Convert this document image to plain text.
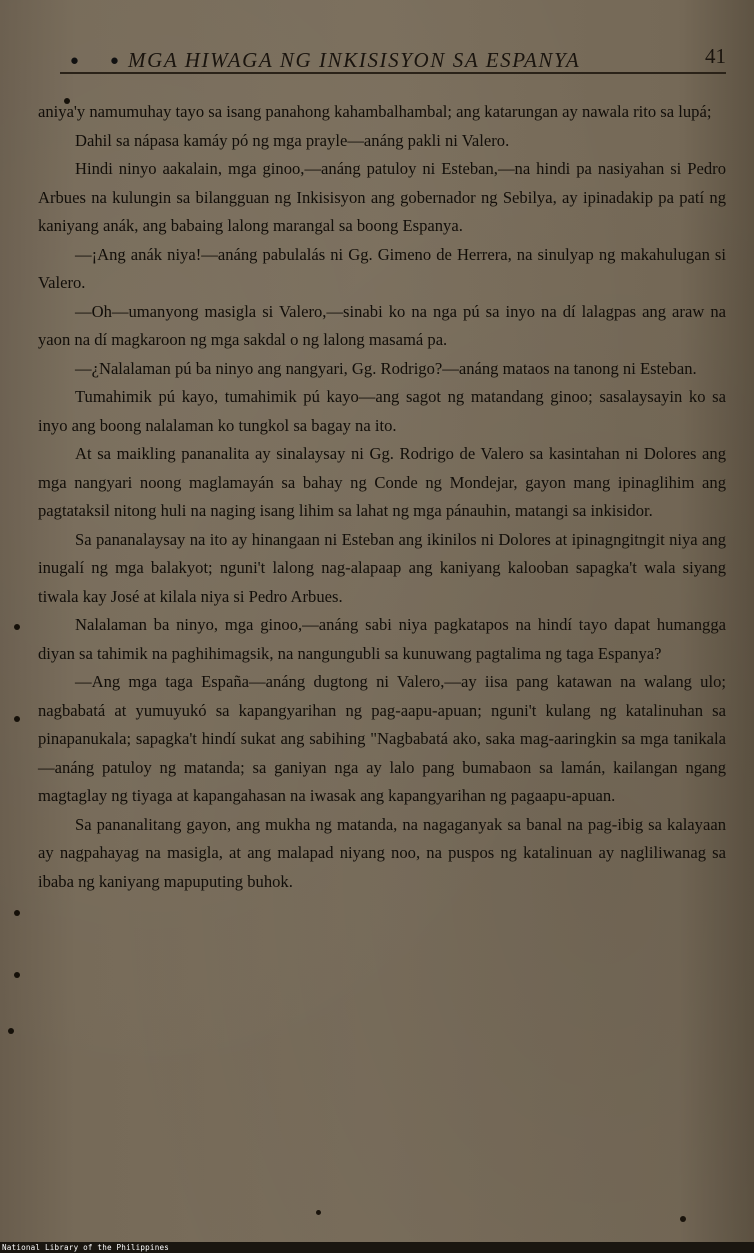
• •
MGA HIWAGA NG INKISISYON SA ESPANYA	41

aniya'y namumuhay tayo sa isang panahong kahambalhambal; ang katarungan ay nawala rito sa lupá;

Dahil sa nápasa kamáy pó ng mga prayle—anáng pakli ni Valero.

Hindi ninyo aakalain, mga ginoo,—anáng patuloy ni Esteban,—na hindi pa nasiyahan si Pedro Arbues na kulungin sa bilangguan ng Inkisisyon ang gobernador ng Sebilya, ay ipinadakip pa patí ng kaniyang anák, ang babaing lalong marangal sa boong Espanya.

—¡Ang anák niya!—anáng pabulalás ni Gg. Gimeno de Herrera, na sinulyap ng makahulugan si Valero.

—Oh—umanyong masigla si Valero,—sinabi ko na nga pú sa inyo na dí lalagpas ang araw na yaon na dí magkaroon ng mga sakdal o ng lalong masamá pa.

—¿Nalalaman pú ba ninyo ang nangyari, Gg. Rodrigo?—anáng mataos na tanong ni Esteban.

Tumahimik pú kayo, tumahimik pú kayo—ang sagot ng matandang ginoo; sasalaysayin ko sa inyo ang boong nalalaman ko tungkol sa bagay na ito.

At sa maikling pananalita ay sinalaysay ni Gg. Rodrigo de Valero sa kasintahan ni Dolores ang mga nangyari noong maglamayán sa bahay ng Conde ng Mondejar, gayon mang ipinaglihim ang pagtataksil nitong huli na naging isang lihim sa lahat ng mga pánauhin, matangi sa inkisidor.

Sa pananalaysay na ito ay hinangaan ni Esteban ang ikinilos ni Dolores at ipinagngitngit niya ang inugalí ng mga balakyot; nguni't lalong nag-alapaap ang kaniyang kalooban sapagka't wala siyang tiwala kay José at kilala niya si Pedro Arbues.

Nalalaman ba ninyo, mga ginoo,—anáng sabi niya pagkatapos na hindí tayo dapat humangga diyan sa tahimik na paghihimagsik, na nangungubli sa kunuwang pagtalima ng taga Espanya?

—Ang mga taga España—anáng dugtong ni Valero,—ay iisa pang katawan na walang ulo; nagbabatá at yumuyukó sa kapangyarihan ng pag-aapu-apuan; nguni't kulang ng katalinuhan sa pinapanukala; sapagka't hindí sukat ang sabihing "Nagbabatá ako, saka mag-aaringkin sa mga tanikala—anáng patuloy ng matanda; sa ganiyan nga ay lalo pang bumabaon sa lamán, kailangan ngang magtaglay ng tiyaga at kapangahasan na iwasak ang kapangyarihan ng pagaapu-apuan.

Sa pananalitang gayon, ang mukha ng matanda, na nagaganyak sa banal na pag-ibig sa kalayaan ay nagpahayag na masigla, at ang malapad niyang noo, na puspos ng katalinuan ay nagliliwanag sa ibaba ng kaniyang mapuputing buhok.

National Library of the Philippines
